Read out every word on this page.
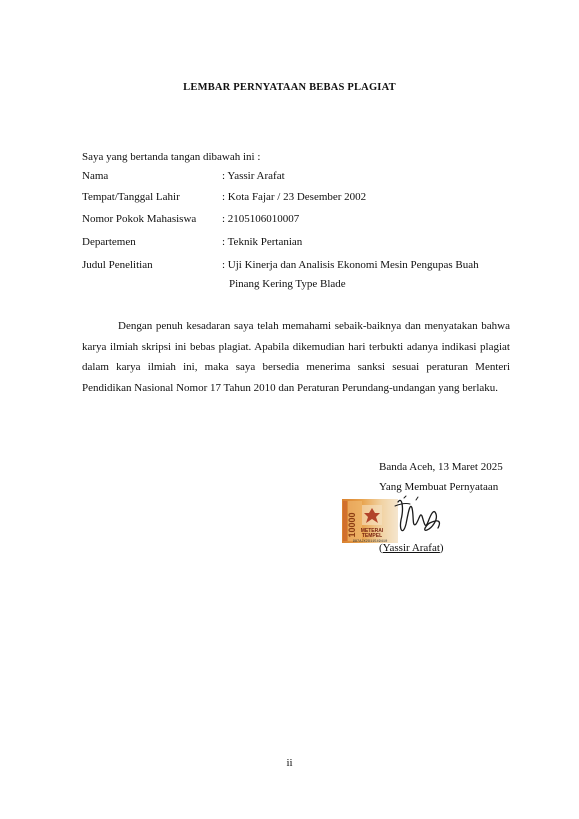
LEMBAR PERNYATAAN BEBAS PLAGIAT
Saya yang bertanda tangan dibawah ini :
Nama	: Yassir Arafat
Tempat/Tanggal Lahir	: Kota Fajar / 23 Desember 2002
Nomor Pokok Mahasiswa : 2105106010007
Departemen	: Teknik Pertanian
Judul Penelitian	: Uji Kinerja dan Analisis Ekonomi Mesin Pengupas Buah
Pinang Kering Type Blade
Dengan penuh kesadaran saya telah memahami sebaik-baiknya dan menyatakan bahwa karya ilmiah skripsi ini bebas plagiat. Apabila dikemudian hari terbukti adanya indikasi plagiat dalam karya ilmiah ini, maka saya bersedia menerima sanksi sesuai peraturan Menteri Pendidikan Nasional Nomor 17 Tahun 2010 dan Peraturan Perundang-undangan yang berlaku.
Banda Aceh, 13 Maret 2025
Yang Membuat Pernyataan
10000 METERAI
TEMPEL
987AJX2911549410
(Yassir Arafat)
ii
